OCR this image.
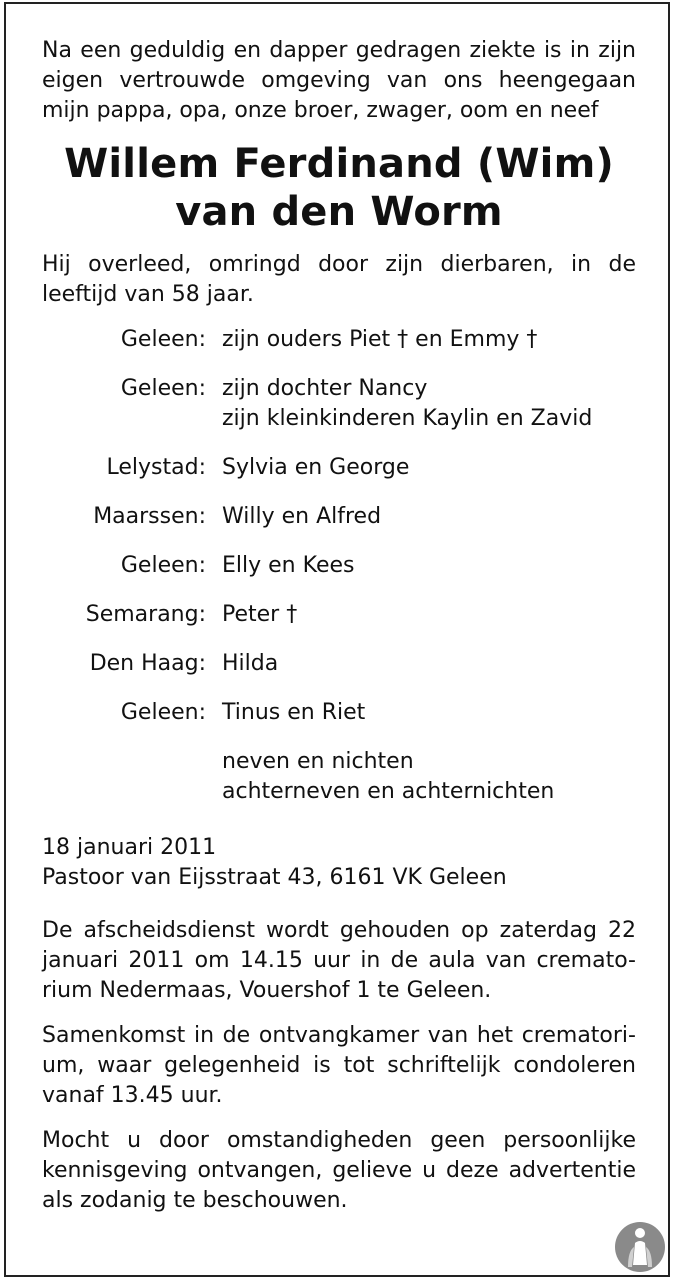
Na een geduldig en dapper gedragen ziekte is in zijn
eigen vertrouwde omgeving van ons heengegaan
mijn pappa, opa, onze broer, zwager, oom en neef

Willem Ferdinand (Wim)
van den Worm

Hij overleed, omringd door zijn dierbaren, in de
leeftijd van 58 jaar.

Geleen: zijn ouders Piet † en Emmy †
Geleen: zijn dochter Nancy
zijn kleinkinderen Kaylin en Zavid
Lelystad: Sylvia en George
Maarssen: Willy en Alfred
Geleen: Elly en Kees
Semarang: Peter †
Den Haag: Hilda
Geleen: Tinus en Riet
neven en nichten
achterneven en achternichten
18 januari 2011
Pastoor van Eijsstraat 43, 6161 VK Geleen
De afscheidsdienst wordt gehouden op zaterdag 22
januari 2011 om 14.15 uur in de aula van cremato-
rium Nedermaas, Vouershof 1 te Geleen.
Samenkomst in de ontvangkamer van het crematori-
um, waar gelegenheid is tot schriftelijk condoleren
vanaf 13.45 uur.
Mocht u door omstandigheden geen persoonlijke
kennisgeving ontvangen, gelieve u deze advertentie
als zodanig te beschouwen.
